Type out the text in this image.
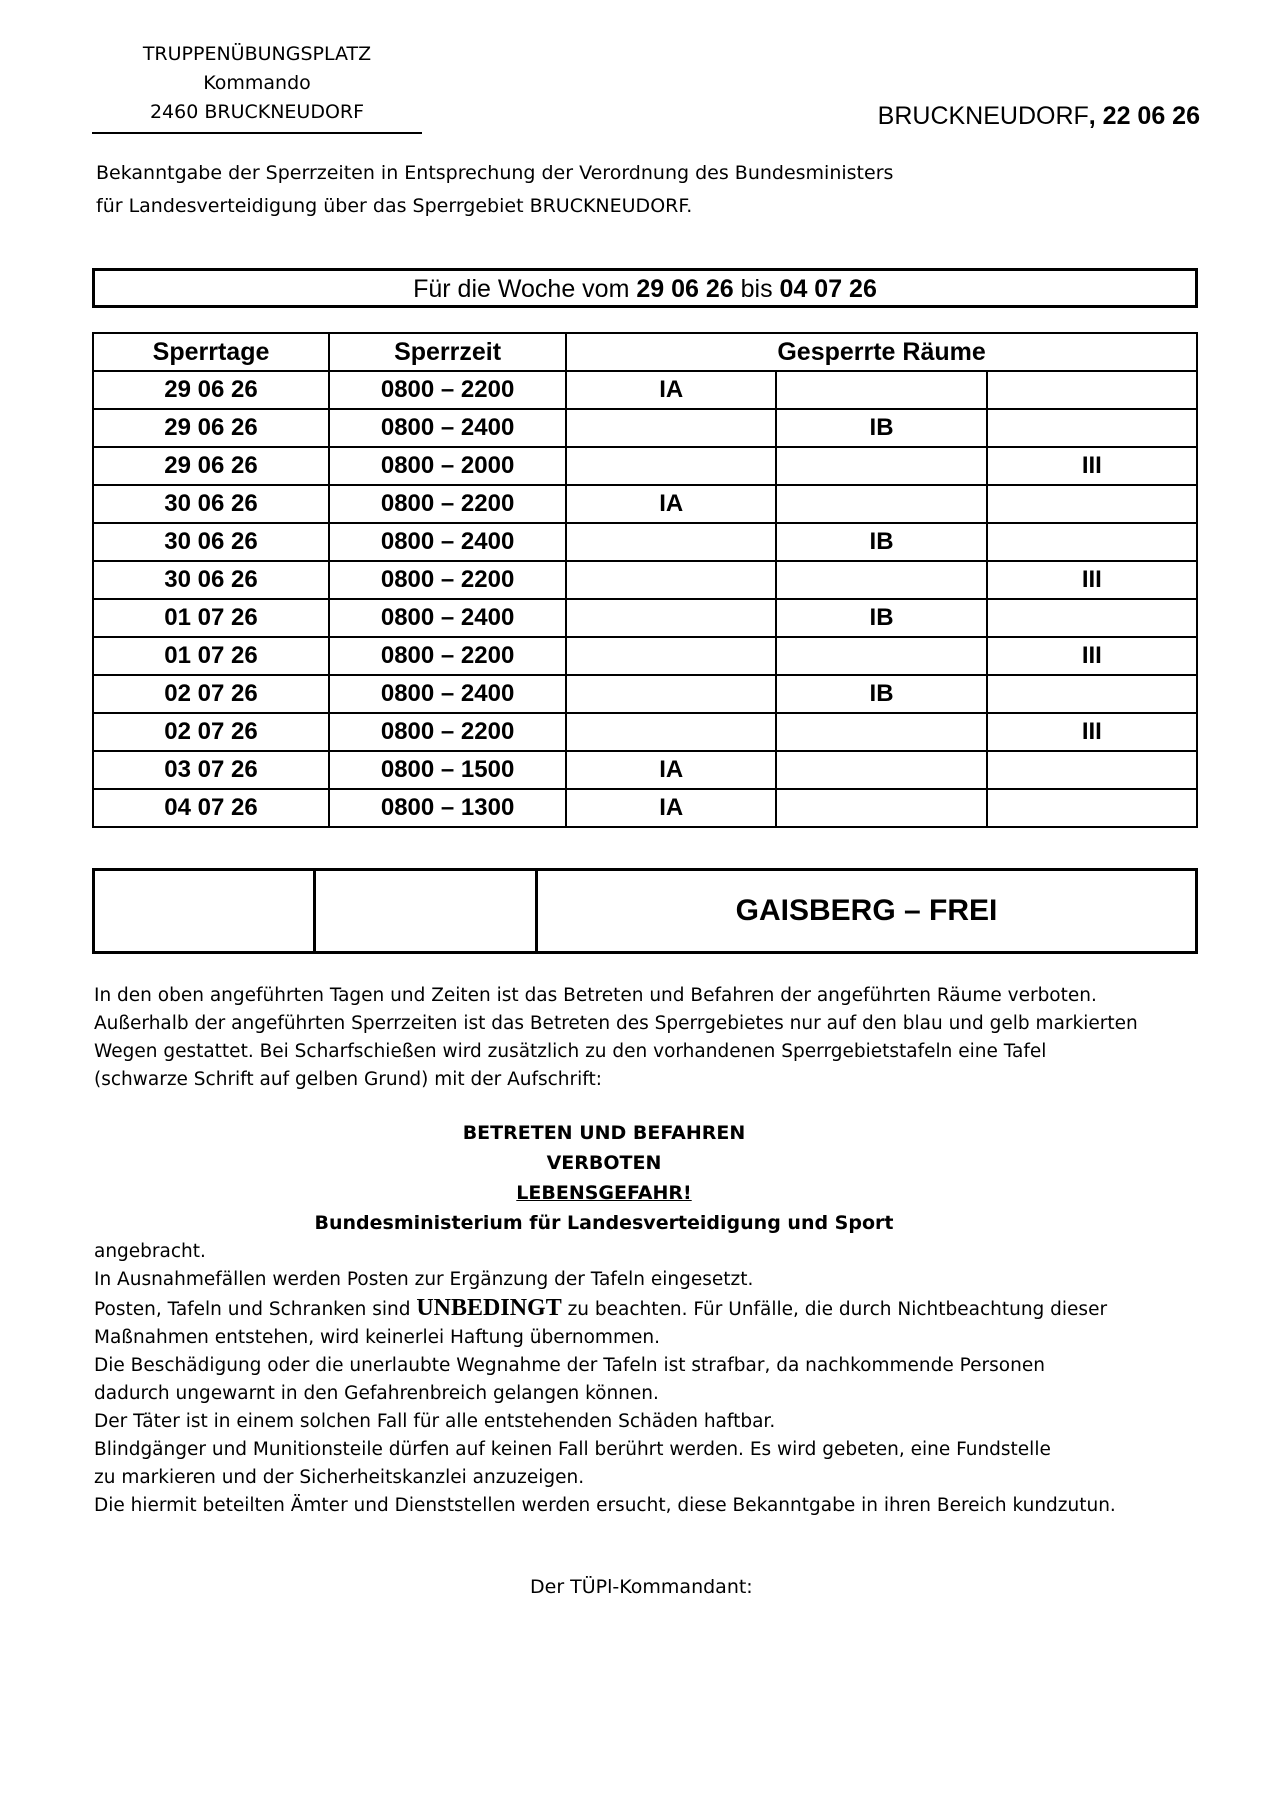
TRUPPENÜBUNGSPLATZ
Kommando
2460 BRUCKNEUDORF	BRUCKNEUDORF, 22 06 26
Bekanntgabe der Sperrzeiten in Entsprechung der Verordnung des Bundesministers
für Landesverteidigung über das Sperrgebiet BRUCKNEUDORF.
Für die Woche vom 29 06 26 bis 04 07 26
Sperrtage	Sperrzeit	Gesperrte Räume		
29 06 26	0800 – 2200	IA		
29 06 26	0800 – 2400		IB	
29 06 26	0800 – 2000			III
30 06 26	0800 – 2200	IA		
30 06 26	0800 – 2400		IB	
30 06 26	0800 – 2200			III
01 07 26	0800 – 2400		IB	
01 07 26	0800 – 2200			III
02 07 26	0800 – 2400		IB	
02 07 26	0800 – 2200			III
03 07 26	0800 – 1500	IA		
04 07 26	0800 – 1300	IA		
		GAISBERG – FREI

In den oben angeführten Tagen und Zeiten ist das Betreten und Befahren der angeführten Räume verboten.

Außerhalb der angeführten Sperrzeiten ist das Betreten des Sperrgebietes nur auf den blau und gelb markierten

Wegen gestattet. Bei Scharfschießen wird zusätzlich zu den vorhandenen Sperrgebietstafeln eine Tafel

(schwarze Schrift auf gelben Grund) mit der Aufschrift:

BETRETEN UND BEFAHREN
VERBOTEN
LEBENSGEFAHR!
Bundesministerium für Landesverteidigung und Sport

angebracht.

In Ausnahmefällen werden Posten zur Ergänzung der Tafeln eingesetzt.

Posten, Tafeln und Schranken sind UNBEDINGT zu beachten. Für Unfälle, die durch Nichtbeachtung dieser

Maßnahmen entstehen, wird keinerlei Haftung übernommen.

Die Beschädigung oder die unerlaubte Wegnahme der Tafeln ist strafbar, da nachkommende Personen

dadurch ungewarnt in den Gefahrenbreich gelangen können.

Der Täter ist in einem solchen Fall für alle entstehenden Schäden haftbar.

Blindgänger und Munitionsteile dürfen auf keinen Fall berührt werden. Es wird gebeten, eine Fundstelle

zu markieren und der Sicherheitskanzlei anzuzeigen.

Die hiermit beteilten Ämter und Dienststellen werden ersucht, diese Bekanntgabe in ihren Bereich kundzutun.

Der TÜPl-Kommandant:
